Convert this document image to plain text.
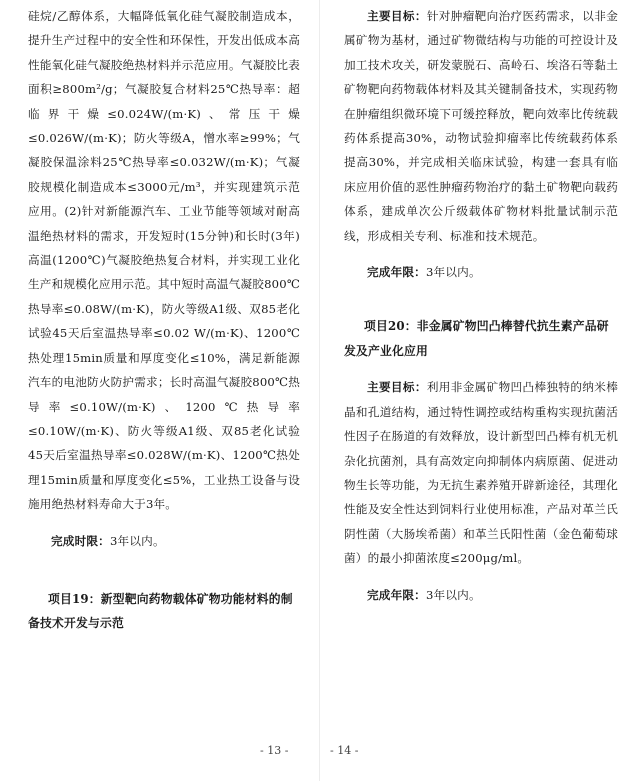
硅烷/乙醇体系，大幅降低氧化硅气凝胶制造成本，提升生产过程中的安全性和环保性，开发出低成本高性能氧化硅气凝胶绝热材料并示范应用。气凝胶比表面积≥800m²/g；气凝胶复合材料25℃热导率：超临界干燥≤0.024W/(m·K)、常压干燥≤0.026W/(m·K)；防火等级A，憎水率≥99%；气凝胶保温涂料25℃热导率≤0.032W/(m·K)；气凝胶规模化制造成本≤3000元/m³，并实现建筑示范应用。(2)针对新能源汽车、工业节能等领域对耐高温绝热材料的需求，开发短时(15分钟)和长时(3年)高温(1200℃)气凝胶绝热复合材料，并实现工业化生产和规模化应用示范。其中短时高温气凝胶800℃热导率≤0.08W/(m·K)，防火等级A1级、双85老化试验45天后室温热导率≤0.02 W/(m·K)、1200℃热处理15min质量和厚度变化≤10%，满足新能源汽车的电池防火防护需求；长时高温气凝胶800℃热导率≤0.10W/(m·K)、1200℃热导率≤0.10W/(m·K)、防火等级A1级、双85老化试验45天后室温热导率≤0.028W/(m·K)、1200℃热处理15min质量和厚度变化≤5%，工业热工设备与设施用绝热材料寿命大于3年。

完成时限：3年以内。

项目19：新型靶向药物载体矿物功能材料的制备技术开发与示范

- 13 -

主要目标：针对肿瘤靶向治疗医药需求，以非金属矿物为基材，通过矿物微结构与功能的可控设计及加工技术攻关，研发蒙脱石、高岭石、埃洛石等黏土矿物靶向药物载体材料及其关键制备技术，实现药物在肿瘤组织微环境下可缓控释放，靶向效率比传统载药体系提高30%，动物试验抑瘤率比传统载药体系提高30%，并完成相关临床试验，构建一套具有临床应用价值的恶性肿瘤药物治疗的黏土矿物靶向载药体系，建成单次公斤级载体矿物材料批量试制示范线，形成相关专利、标准和技术规范。

完成年限：3年以内。

项目20：非金属矿物凹凸棒替代抗生素产品研发及产业化应用

主要目标：利用非金属矿物凹凸棒独特的纳米棒晶和孔道结构，通过特性调控或结构重构实现抗菌活性因子在肠道的有效释放，设计新型凹凸棒有机无机杂化抗菌剂，具有高效定向抑制体内病原菌、促进动物生长等功能，为无抗生素养殖开辟新途径，其理化性能及安全性达到饲料行业使用标准，产品对革兰氏阴性菌（大肠埃希菌）和革兰氏阳性菌（金色葡萄球菌）的最小抑菌浓度≤200μg/ml。

完成年限：3年以内。

- 14 -
